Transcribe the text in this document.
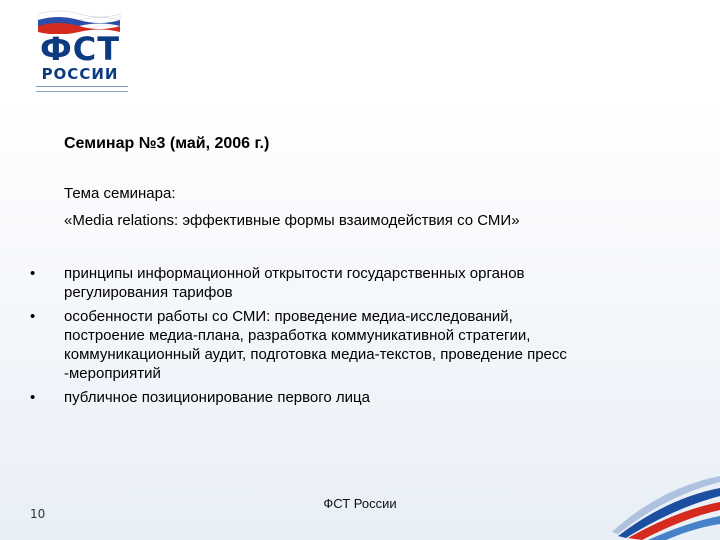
ФСТ
РОССИИ
Семинар №3 (май, 2006 г.)
Тема семинара:
«Media relations: эффективные формы взаимодействия со СМИ»
•	принципы информационной открытости государственных органов
регулирования тарифов
•	особенности работы со СМИ: проведение медиа-исследований,
построение медиа-плана, разработка коммуникативной стратегии,
коммуникационный аудит, подготовка медиа-текстов, проведение пресс
-мероприятий
•	публичное позиционирование первого лица
10
ФСТ России
